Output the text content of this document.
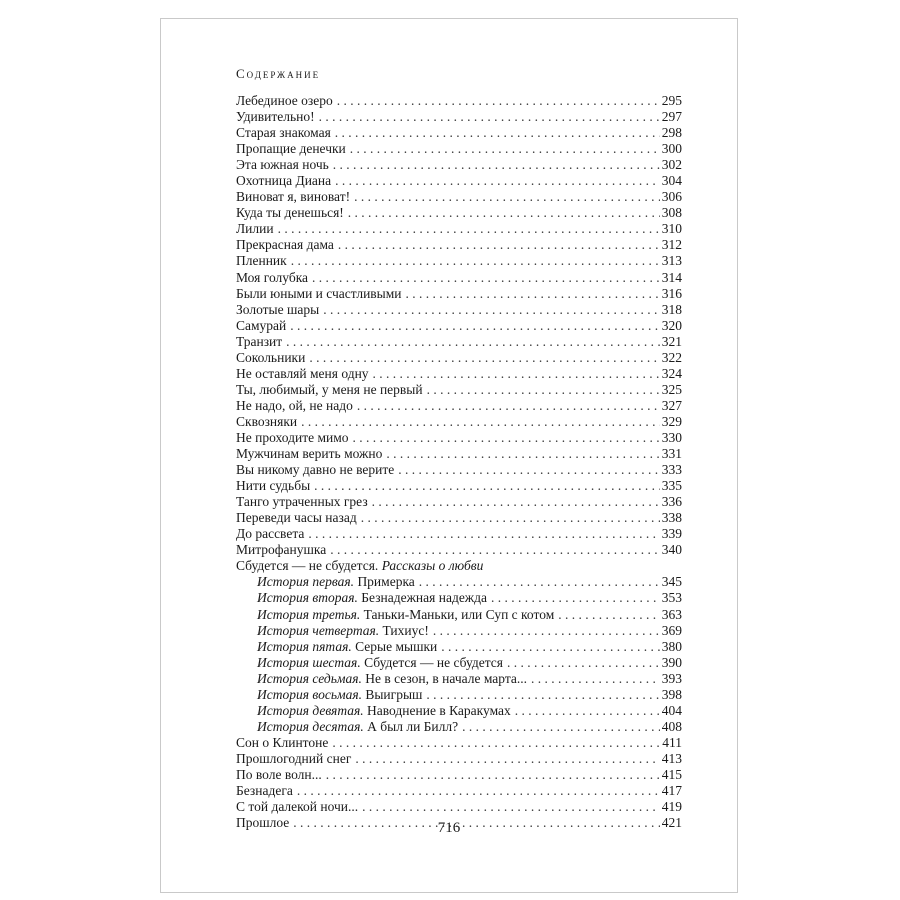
Содержание
Лебединое озеро . . .	295
Удивительно! . . .	297
Старая знакомая . . .	298
Пропащие денечки . . .	300
Эта южная ночь . . .	302
Охотница Диана . . .	304
Виноват я, виноват! . . .	306
Куда ты денешься! . . .	308
Лилии . . .	310
Прекрасная дама . . .	312
Пленник . . .	313
Моя голубка . . .	314
Были юными и счастливыми . . .	316
Золотые шары . . .	318
Самурай . . .	320
Транзит . . .	321
Сокольники . . .	322
Не оставляй меня одну . . .	324
Ты, любимый, у меня не первый . . .	325
Не надо, ой, не надо . . .	327
Сквозняки . . .	329
Не проходите мимо . . .	330
Мужчинам верить можно . . .	331
Вы никому давно не верите . . .	333
Нити судьбы . . .	335
Танго утраченных грез . . .	336
Переведи часы назад . . .	338
До рассвета . . .	339
Митрофанушка . . .	340
Сбудется — не сбудется. Рассказы о любви
История первая. Примерка . . .	345
История вторая. Безнадежная надежда . . .	353
История третья. Таньки-Маньки, или Суп с котом . . .	363
История четвертая. Тихиус! . . .	369
История пятая. Серые мышки . . .	380
История шестая. Сбудется — не сбудется . . .	390
История седьмая. Не в сезон, в начале марта... . . .	393
История восьмая. Выигрыш . . .	398
История девятая. Наводнение в Каракумах . . .	404
История десятая. А был ли Билл? . . .	408
Сон о Клинтоне . . .	411
Прошлогодний снег . . .	413
По воле волн... . . .	415
Безнадега . . .	417
С той далекой ночи... . . .	419
Прошлое . . .	421
716
